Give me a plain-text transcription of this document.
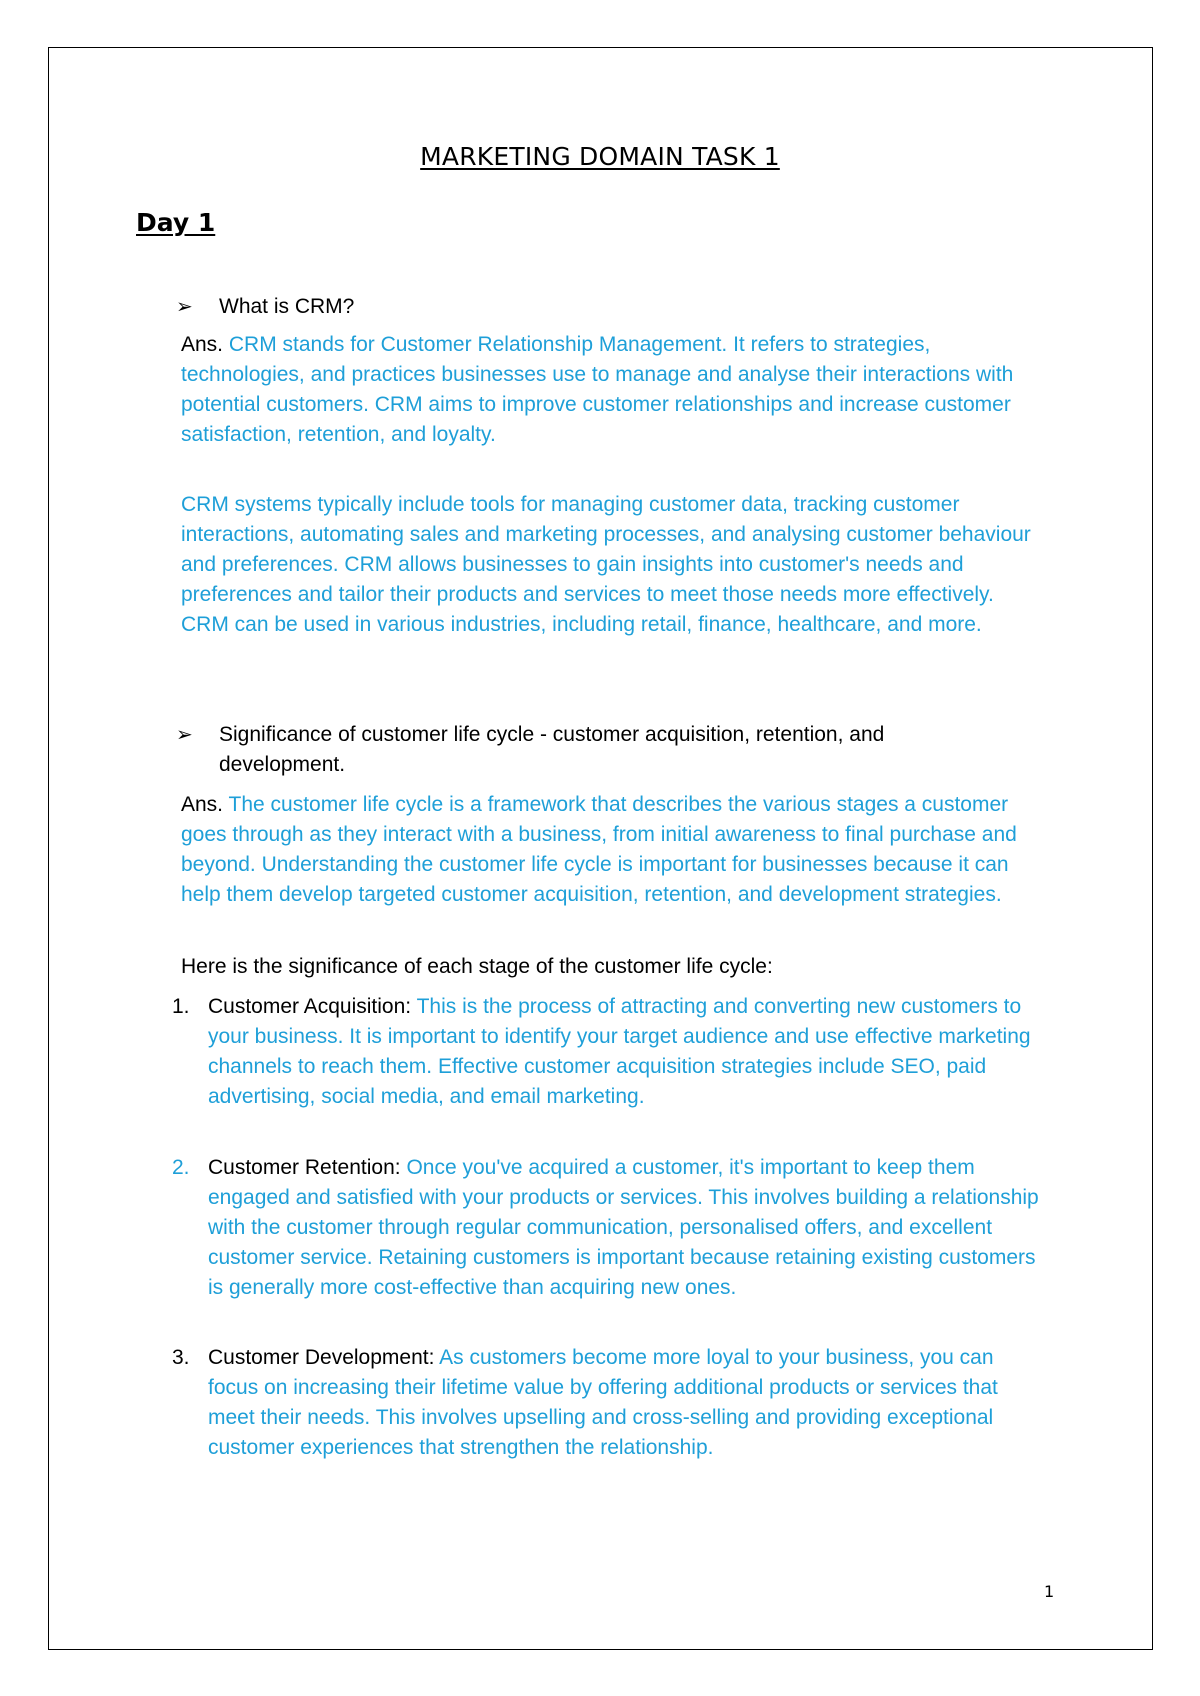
MARKETING DOMAIN TASK 1
Day 1
➢	What is CRM?
Ans. CRM stands for Customer Relationship Management. It refers to strategies, technologies, and practices businesses use to manage and analyse their interactions with potential customers. CRM aims to improve customer relationships and increase customer satisfaction, retention, and loyalty.
CRM systems typically include tools for managing customer data, tracking customer interactions, automating sales and marketing processes, and analysing customer behaviour and preferences. CRM allows businesses to gain insights into customer's needs and preferences and tailor their products and services to meet those needs more effectively. CRM can be used in various industries, including retail, finance, healthcare, and more.
➢	Significance of customer life cycle - customer acquisition, retention, and development.
Ans. The customer life cycle is a framework that describes the various stages a customer goes through as they interact with a business, from initial awareness to final purchase and beyond. Understanding the customer life cycle is important for businesses because it can help them develop targeted customer acquisition, retention, and development strategies.
Here is the significance of each stage of the customer life cycle:
1. Customer Acquisition: This is the process of attracting and converting new customers to your business. It is important to identify your target audience and use effective marketing channels to reach them. Effective customer acquisition strategies include SEO, paid advertising, social media, and email marketing.
2. Customer Retention: Once you've acquired a customer, it's important to keep them engaged and satisfied with your products or services. This involves building a relationship with the customer through regular communication, personalised offers, and excellent customer service. Retaining customers is important because retaining existing customers is generally more cost-effective than acquiring new ones.
3. Customer Development: As customers become more loyal to your business, you can focus on increasing their lifetime value by offering additional products or services that meet their needs. This involves upselling and cross-selling and providing exceptional customer experiences that strengthen the relationship.
1
